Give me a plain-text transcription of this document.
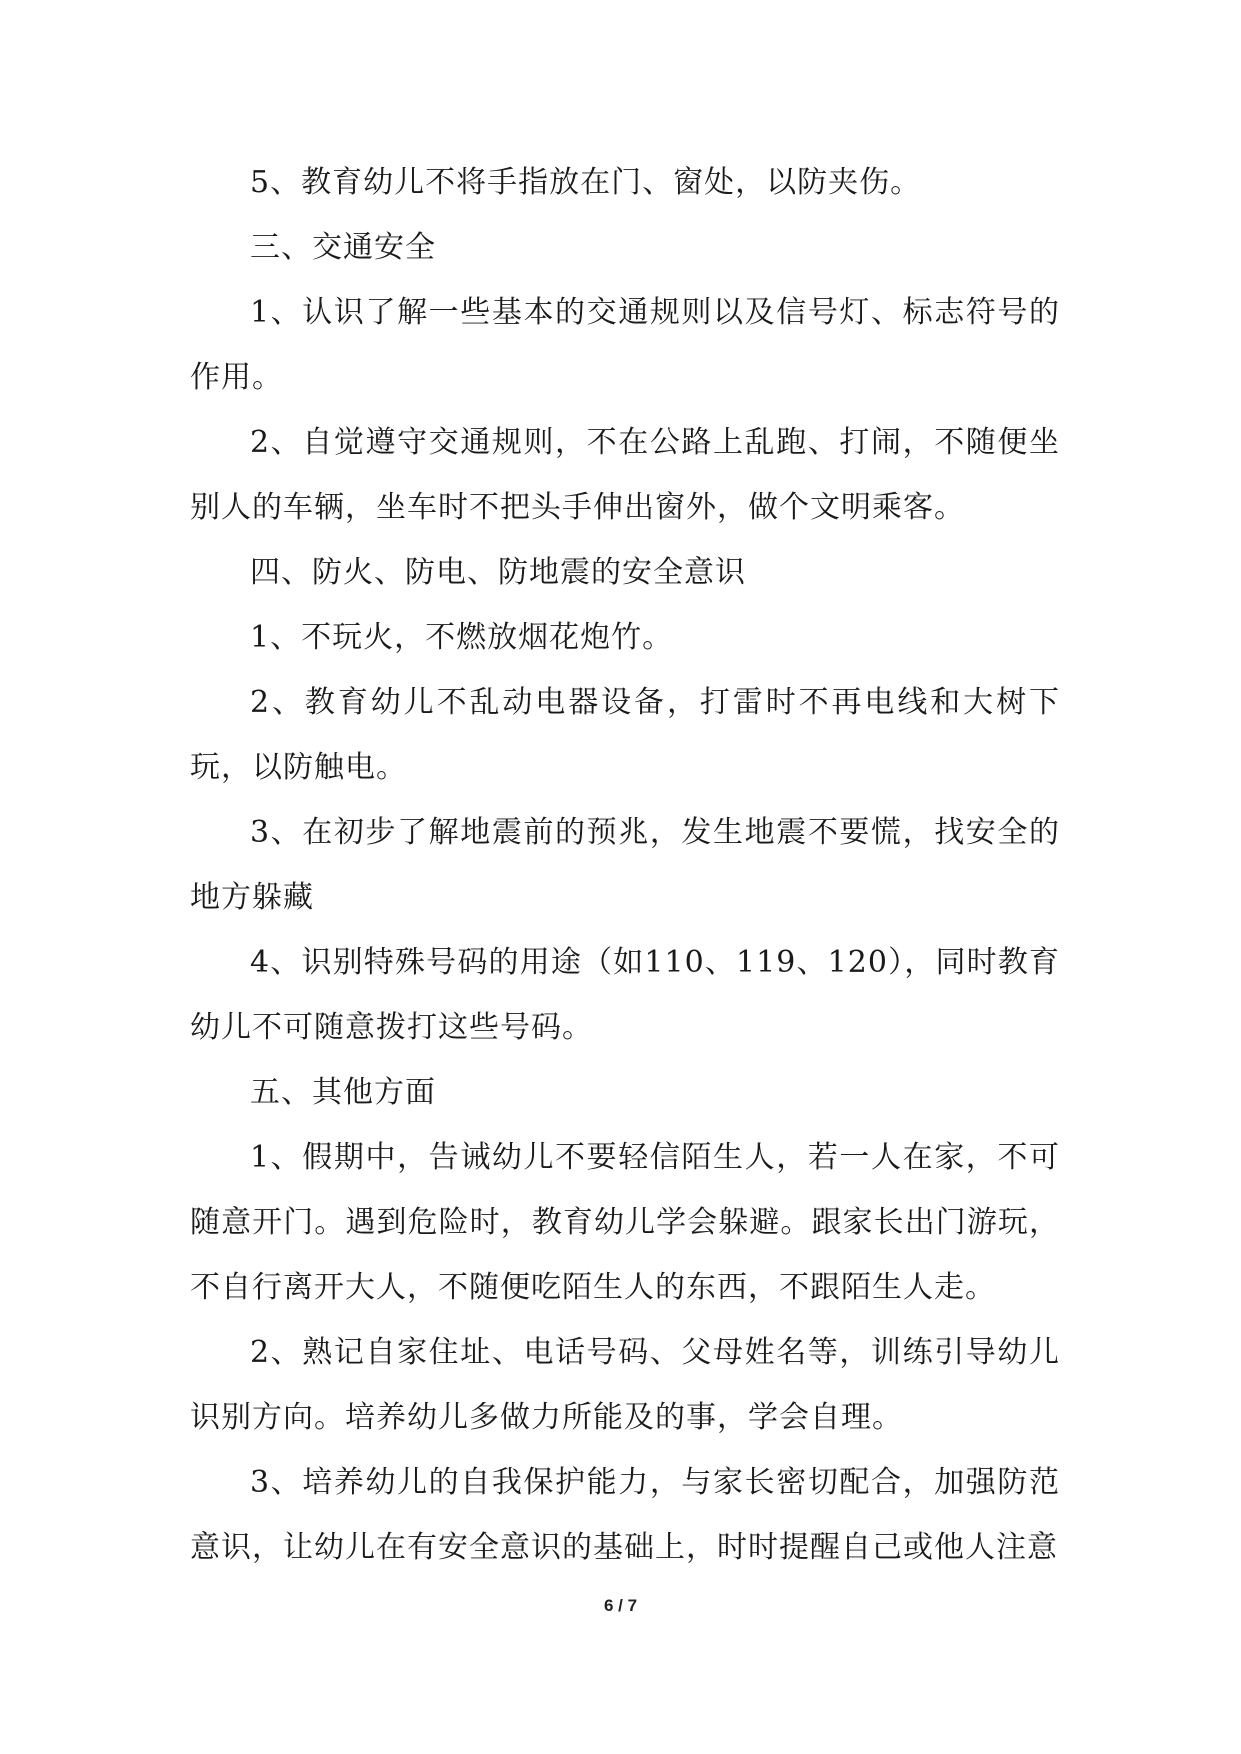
5、教育幼儿不将手指放在门、窗处，以防夹伤。

三、交通安全

1、认识了解一些基本的交通规则以及信号灯、标志符号的作用。

2、自觉遵守交通规则，不在公路上乱跑、打闹，不随便坐别人的车辆，坐车时不把头手伸出窗外，做个文明乘客。

四、防火、防电、防地震的安全意识

1、不玩火，不燃放烟花炮竹。

2、教育幼儿不乱动电器设备，打雷时不再电线和大树下玩，以防触电。

3、在初步了解地震前的预兆，发生地震不要慌，找安全的地方躲藏

4、识别特殊号码的用途（如110、119、120），同时教育幼儿不可随意拨打这些号码。

五、其他方面

1、假期中，告诫幼儿不要轻信陌生人，若一人在家，不可随意开门。遇到危险时，教育幼儿学会躲避。跟家长出门游玩，不自行离开大人，不随便吃陌生人的东西，不跟陌生人走。

2、熟记自家住址、电话号码、父母姓名等，训练引导幼儿识别方向。培养幼儿多做力所能及的事，学会自理。

3、培养幼儿的自我保护能力，与家长密切配合，加强防范意识，让幼儿在有安全意识的基础上，时时提醒自己或他人注意

6 / 7
